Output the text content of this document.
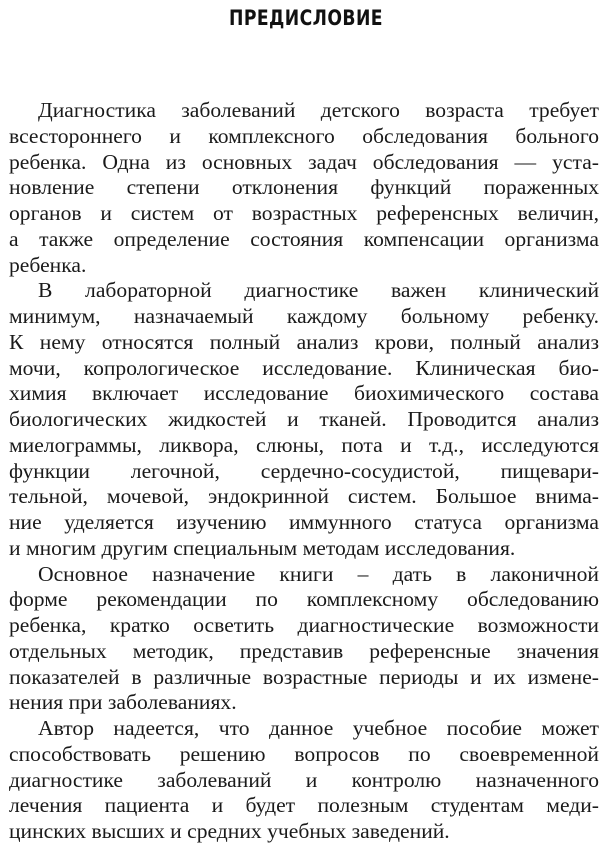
ПРЕДИСЛОВИЕ

Диагностика заболеваний детского возраста требует
всестороннего и комплексного обследования больного
ребенка. Одна из основных задач обследования — уста-
новление степени отклонения функций пораженных
органов и систем от возрастных референсных величин,
а также определение состояния компенсации организма
ребенка.

В лабораторной диагностике важен клинический
минимум, назначаемый каждому больному ребенку.
К нему относятся полный анализ крови, полный анализ
мочи, копрологическое исследование. Клиническая био-
химия включает исследование биохимического состава
биологических жидкостей и тканей. Проводится анализ
миелограммы, ликвора, слюны, пота и т.д., исследуются
функции легочной, сердечно-сосудистой, пищевари-
тельной, мочевой, эндокринной систем. Большое внима-
ние уделяется изучению иммунного статуса организма
и многим другим специальным методам исследования.

Основное назначение книги – дать в лаконичной
форме рекомендации по комплексному обследованию
ребенка, кратко осветить диагностические возможности
отдельных методик, представив референсные значения
показателей в различные возрастные периоды и их измене-
нения при заболеваниях.

Автор надеется, что данное учебное пособие может
способствовать решению вопросов по своевременной
диагностике заболеваний и контролю назначенного
лечения пациента и будет полезным студентам меди-
цинских высших и средних учебных заведений.
